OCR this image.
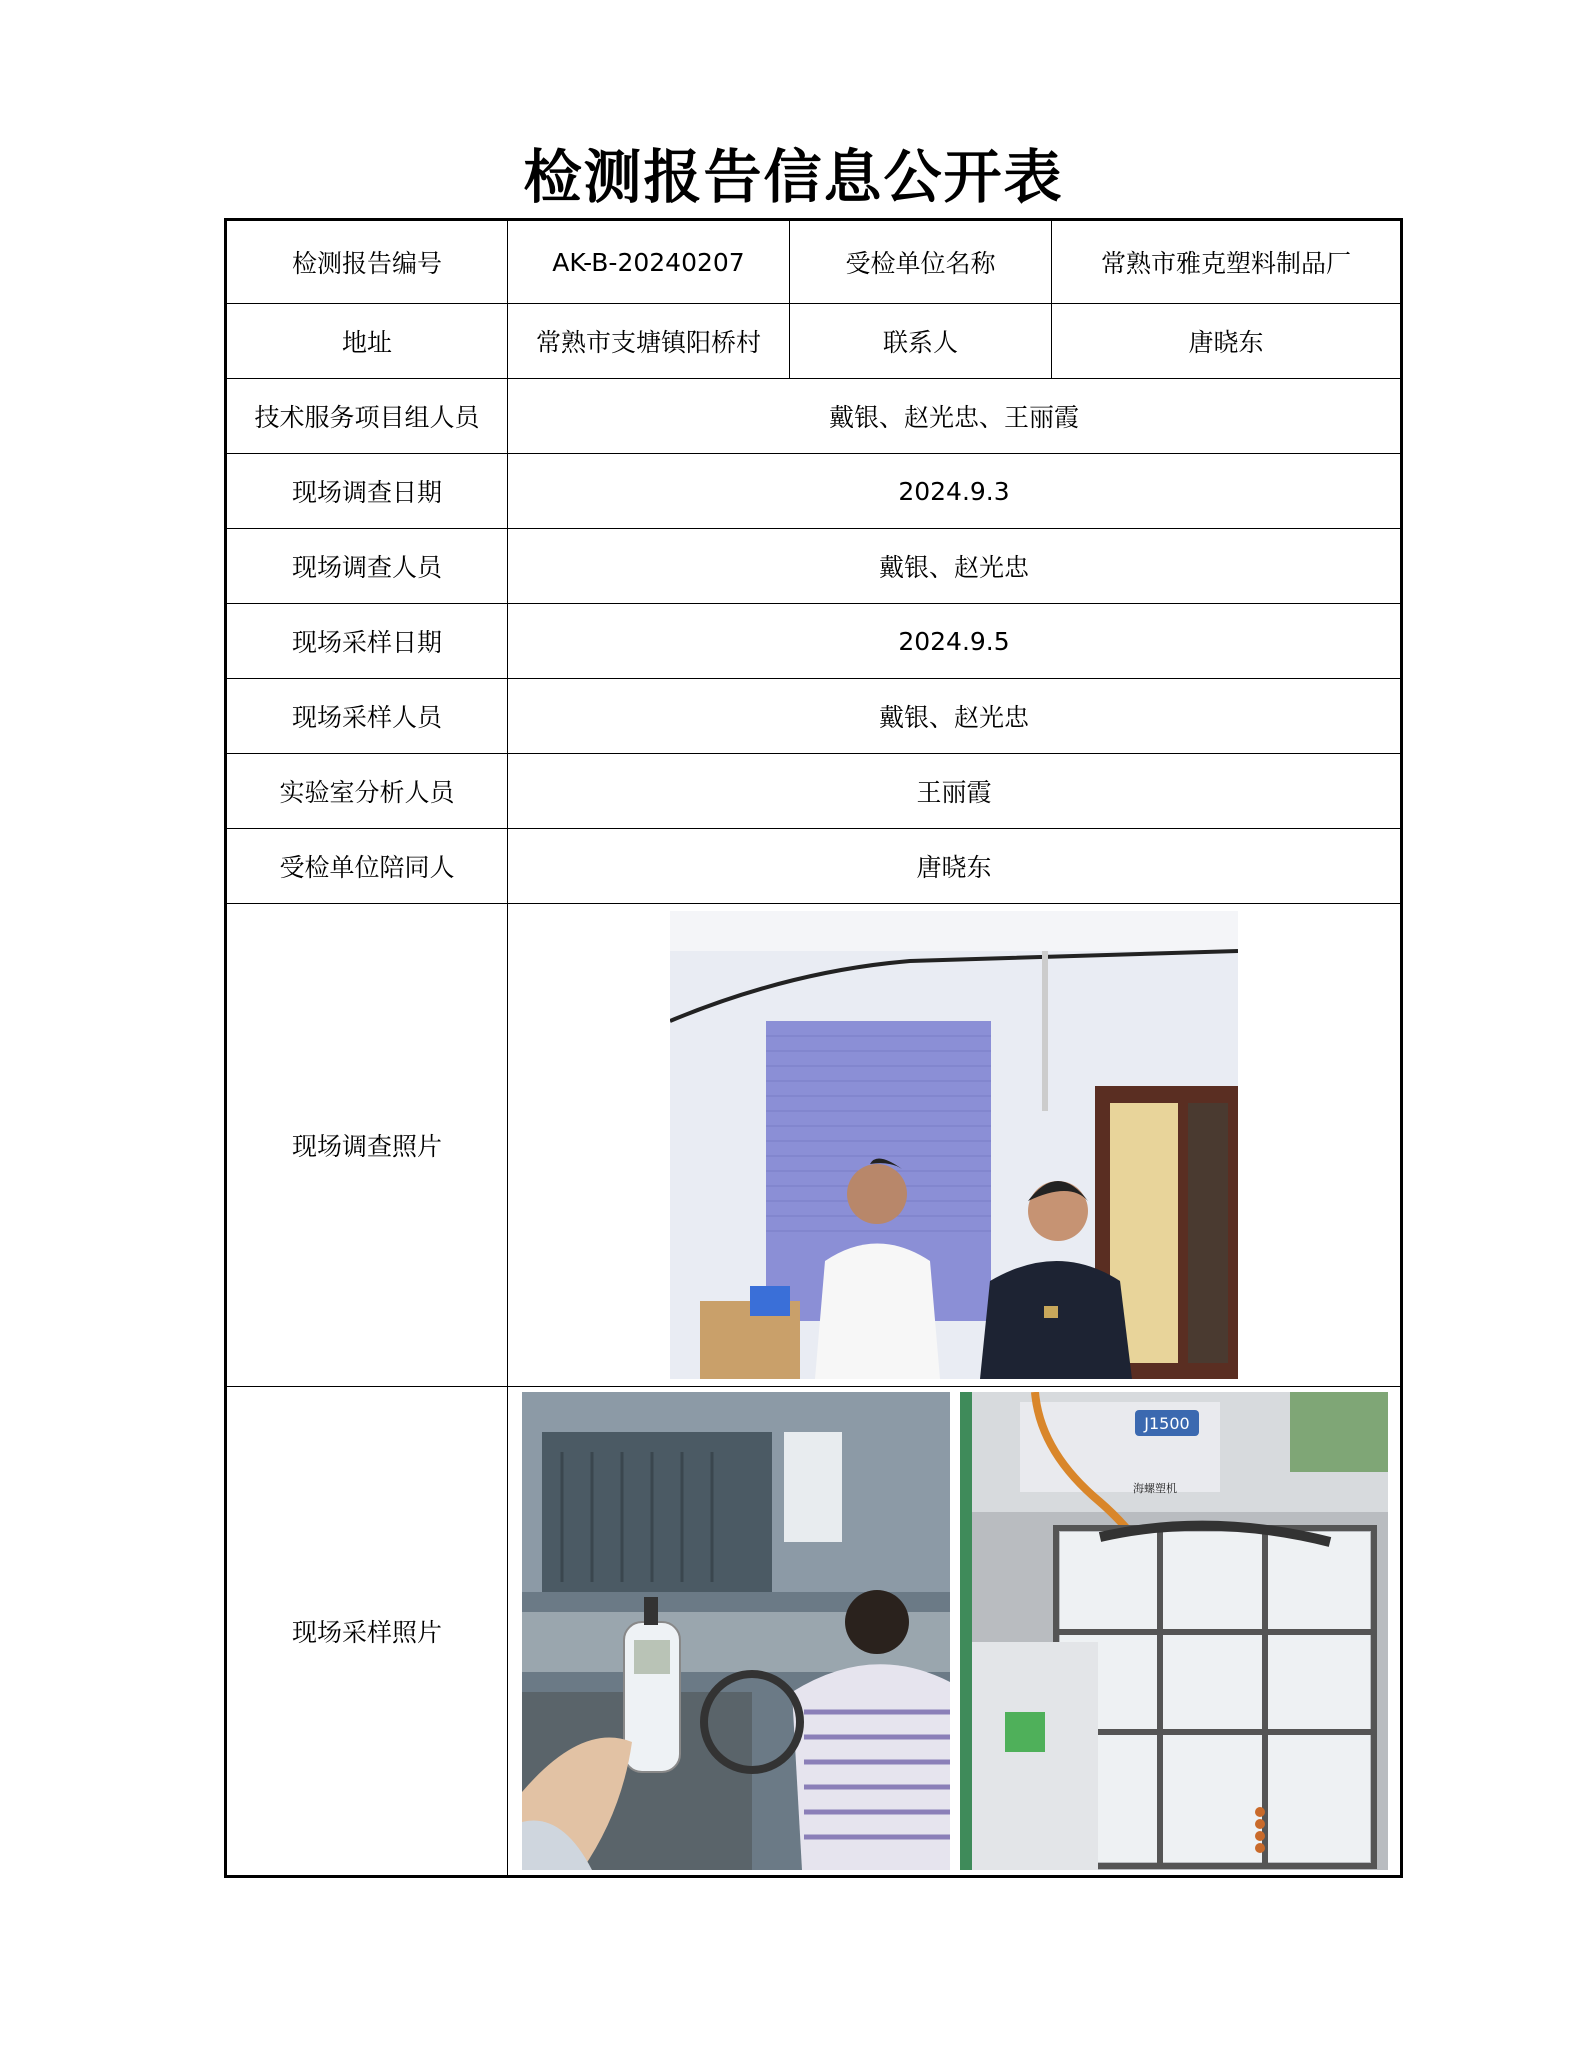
检测报告信息公开表
检测报告编号	AK-B-20240207	受检单位名称	常熟市雅克塑料制品厂
地址	常熟市支塘镇阳桥村	联系人	唐晓东
技术服务项目组人员	戴银、赵光忠、王丽霞		
现场调查日期	2024.9.3		
现场调查人员	戴银、赵光忠		
现场采样日期	2024.9.5		
现场采样人员	戴银、赵光忠		
实验室分析人员	王丽霞		
受检单位陪同人	唐晓东		
现场调查照片	

现场采样照片	J1500
海螺塑机		
